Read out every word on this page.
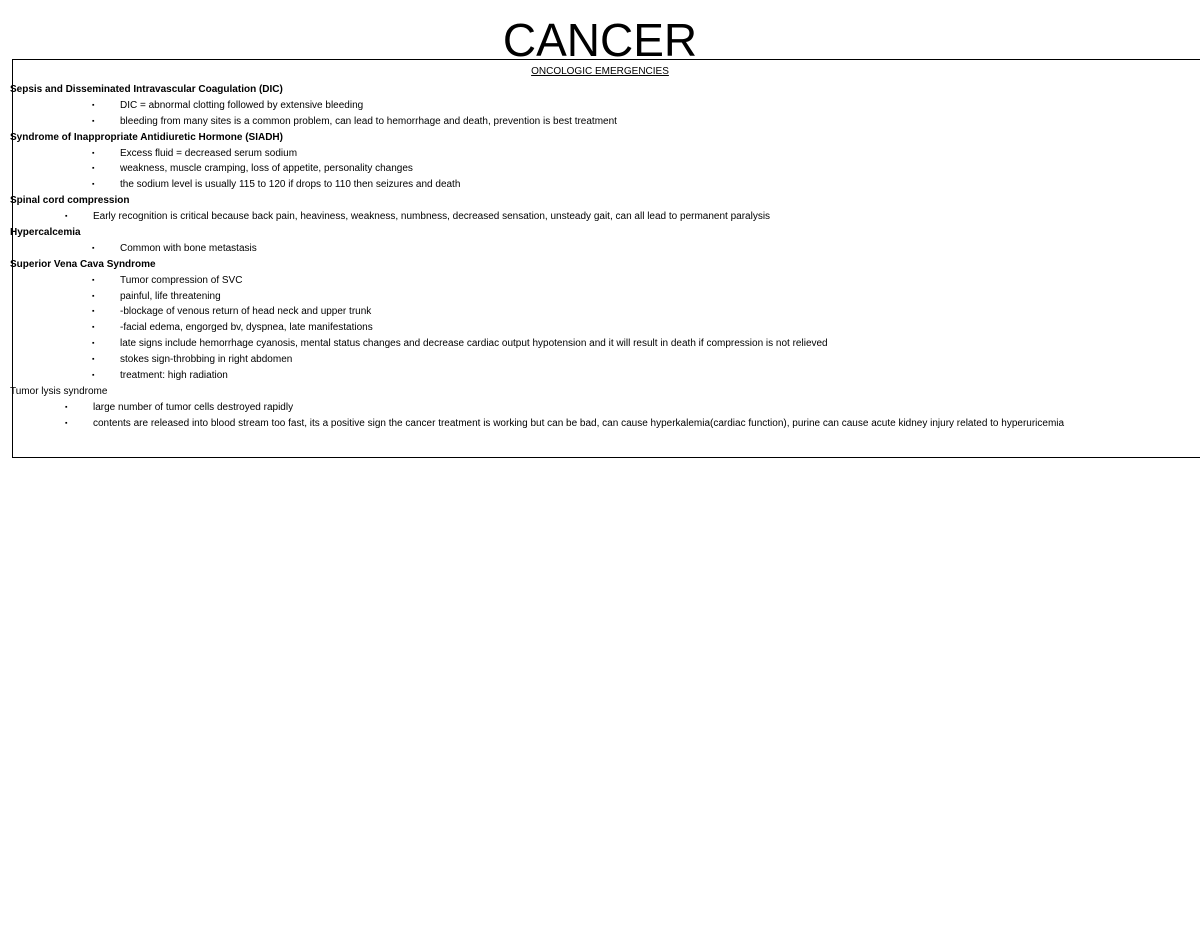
CANCER
ONCOLOGIC EMERGENCIES
Sepsis and Disseminated Intravascular Coagulation (DIC)
▪	DIC = abnormal clotting followed by extensive bleeding
▪	bleeding from many sites is a common problem, can lead to hemorrhage and death, prevention is best treatment
Syndrome of Inappropriate Antidiuretic Hormone (SIADH)
▪	Excess fluid = decreased serum sodium
▪	weakness, muscle cramping, loss of appetite, personality changes
▪	the sodium level is usually 115 to 120 if drops to 110 then seizures and death
Spinal cord compression
▪	Early recognition is critical because back pain, heaviness, weakness, numbness, decreased sensation, unsteady gait, can all lead to permanent paralysis
Hypercalcemia
▪	Common with bone metastasis
Superior Vena Cava Syndrome
▪	Tumor compression of SVC
▪	painful, life threatening
▪	-blockage of venous return of head neck and upper trunk
▪	-facial edema, engorged bv, dyspnea, late manifestations
▪	late signs include hemorrhage cyanosis, mental status changes and decrease cardiac output hypotension and it will result in death if compression is not relieved
▪	stokes sign-throbbing in right abdomen
▪	treatment: high radiation
Tumor lysis syndrome
▪	large number of tumor cells destroyed rapidly
▪	contents are released into blood stream too fast, its a positive sign the cancer treatment is working but can be bad, can cause hyperkalemia(cardiac function), purine can cause acute kidney injury related to hyperuricemia
